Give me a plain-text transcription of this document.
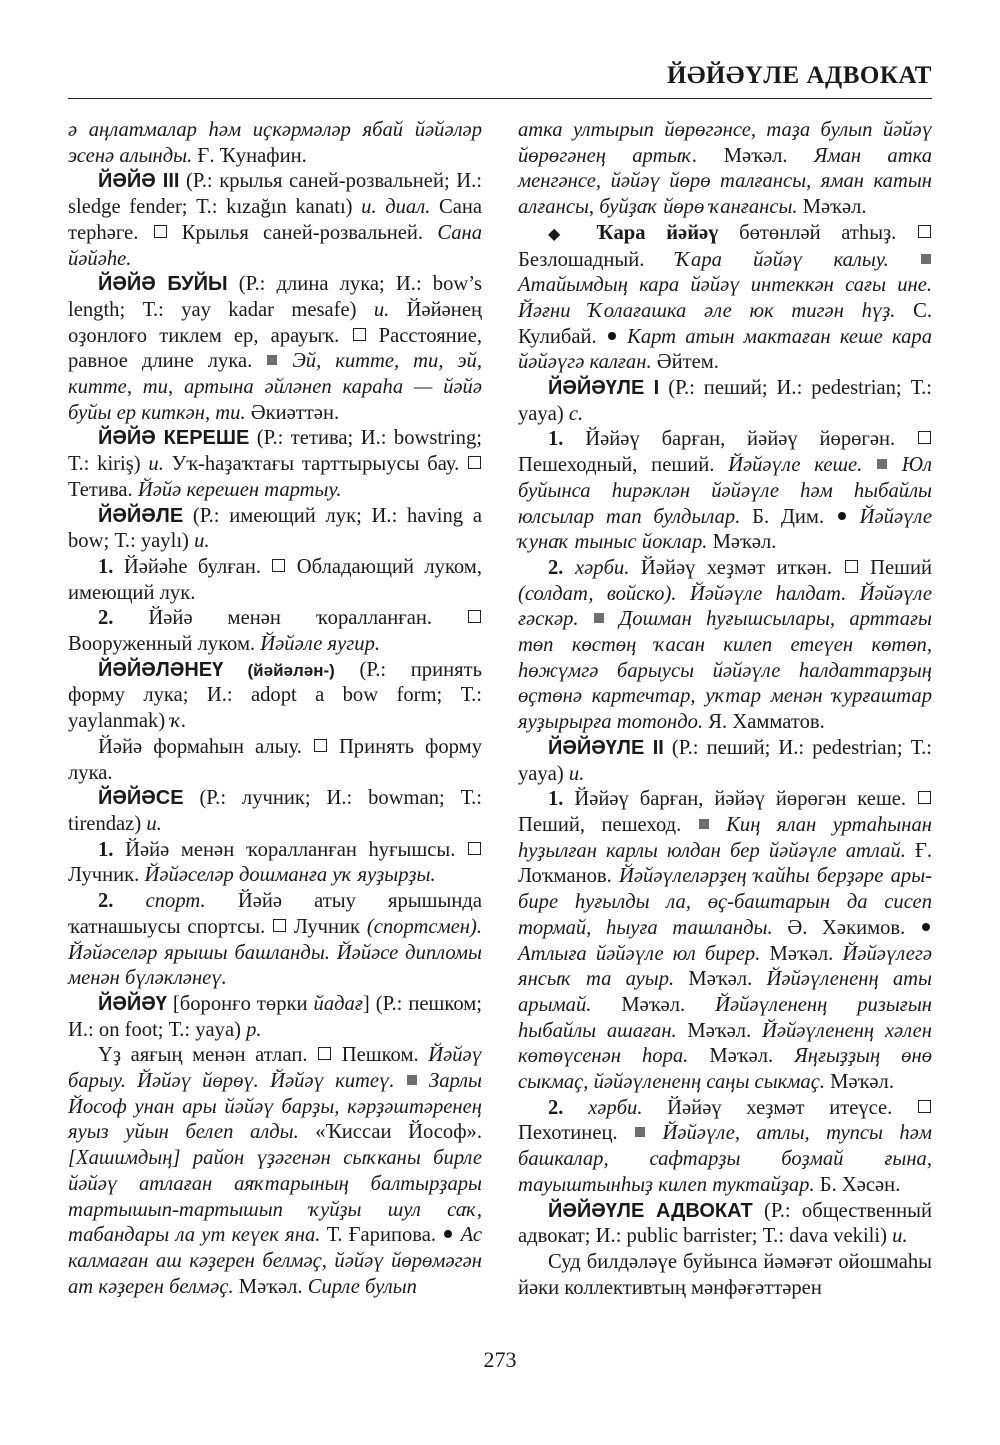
ЙӘЙӘҮЛЕ АДВОКАТ

ә аңлатмалар һәм иҫкәрмәләр ябай йәйәләр эсенә алынды. Ғ. Ҡунафин.

ЙӘЙӘ III (Р.: крылья саней-розвальней; И.: sledge fender; Т.: kızağın kanatı) и. диал. Сана терһәге.  Крылья саней-розвальней. Сана йәйәһе.

ЙӘЙӘ БУЙЫ (Р.: длина лука; И.: bow’s length; Т.: yay kadar mesafe) и. Йәйәнең оҙонлоғо тиклем ер, арауыҡ.  Расстояние, равное длине лука.  Эй, китте, ти, эй, китте, ти, артына әйләнеп караһа — йәйә буйы ер киткән, ти. Әкиәттән.

ЙӘЙӘ КЕРЕШЕ (Р.: тетива; И.: bowstring; Т.: kiriş) и. Уҡ-һаҙаҡтағы тарттырыусы бау.  Тетива. Йәйә керешен тартыу.

ЙӘЙӘЛЕ (Р.: имеющий лук; И.: having a bow; Т.: yaylı) и.

1. Йәйәһе булған.  Обладающий луком, имеющий лук.

2. Йәйә менән ҡоралланған.  Вооруженный луком. Йәйәле яугир.

ЙӘЙӘЛӘНЕҮ (йәйәлән-) (Р.: принять форму лука; И.: adopt a bow form; Т.: yaylanmak) ҡ.

Йәйә формаһын алыу.  Принять форму лука.

ЙӘЙӘСЕ (Р.: лучник; И.: bowman; Т.: tirendaz) и.

1. Йәйә менән ҡоралланған һуғышсы.  Лучник. Йәйәселәр дошманға уҡ яуҙырҙы.

2. спорт. Йәйә атыу ярышында ҡатнашыусы спортсы.  Лучник (спортсмен). Йәйәселәр ярышы башланды. Йәйәсе дипломы менән бүләкләнеү.

ЙӘЙӘҮ [боронғо төрки йадағ] (Р.: пешком; И.: on foot; Т.: yaya) р.

Үҙ аяғың менән атлап.  Пешком. Йәйәү барыу. Йәйәү йөрөү. Йәйәү китеү.  Зарлы Йософ унан ары йәйәү барҙы, кәрҙәштәренең яуыз уйын белеп алды. «Ҡиссаи Йософ». [Хашимдың] район үҙәгенән сыҡканы бирле йәйәү атлаған аяҡтарының балтырҙары тартышып-тартышып ҡуйҙы шул саҡ, табандары ла ут кеүек яна. Т. Ғарипова.  Ас калмаған аш кәҙерен белмәҫ, йәйәү йөрөмәгән ат кәҙерен белмәҫ. Мәҡәл. Сирле булып

атка ултырып йөрөгәнсе, таҙа булып йәйәү йөрөгәнең артыҡ. Мәҡәл. Яман атка менгәнсе, йәйәү йөрө талғансы, яман катын алғансы, буйҙаҡ йөрө ҡанғансы. Мәҡәл.

◆ Ҡара йәйәү бөтөнләй атһыҙ.  Безлошадный. Ҡара йәйәү калыу.  Атайымдың кара йәйәү интеккән сағы ине. Йәғни Ҡолағашка әле юк тигән һүҙ. С. Кулибай.  Карт атын мактаған кеше кара йәйәүгә калған. Әйтем.

ЙӘЙӘҮЛЕ I (Р.: пеший; И.: pedestrian; Т.: yaya) с.

1. Йәйәү барған, йәйәү йөрөгән.  Пешеходный, пеший. Йәйәүле кеше.  Юл буйынса һирәклән йәйәүле һәм һыбайлы юлсылар тап булдылар. Б. Дим.  Йәйәүле ҡунаҡ тыныс йоклар. Мәҡәл.

2. хәрби. Йәйәү хеҙмәт иткән.  Пеший (солдат, войско). Йәйәүле һалдат. Йәйәүле ғәскәр.  Дошман һуғышсылары, арттағы төп көстөң ҡасан килеп етеүен көтөп, һөжүмгә барыусы йәйәүле һалдаттарҙың өҫтөнә картечтар, уҡтар менән ҡурғаштар яуҙырырға тотондо. Я. Хамматов.

ЙӘЙӘҮЛЕ II (Р.: пеший; И.: pedestrian; Т.: yaya) и.

1. Йәйәү барған, йәйәү йөрөгән кеше.  Пеший, пешеход.  Киң ялан уртаһынан һуҙылған карлы юлдан бер йәйәүле атлай. Ғ. Лоҡманов. Йәйәүлеләрҙең ҡайһы берҙәре ары-бире һуғылды ла, өҫ-баштарын да сисеп тормай, һыуға ташланды. Ә. Хәкимов.  Атлыға йәйәүле юл бирер. Мәҡәл. Йәйәүлегә янсыҡ та ауыр. Мәҡәл. Йәйәүлененң аты арымай. Мәҡәл. Йәйәүлененң ризығын һыбайлы ашаған. Мәҡәл. Йәйәүлененң хәлен көтөүсенән һора. Мәҡәл. Яңғыҙҙың өнө сыкмаҫ, йәйәүлененң саңы сыкмаҫ. Мәҡәл.

2. хәрби. Йәйәү хеҙмәт итеүсе.  Пехотинец.  Йәйәүле, атлы, тупсы һәм башкалар, сафтарҙы боҙмай ғына, тауыштынһыҙ килеп туктайҙар. Б. Хәсән.

ЙӘЙӘҮЛЕ АДВОКАТ (Р.: общественный адвокат; И.: public barrister; Т.: dava vekili) и.

Суд билдәләүе буйынса йәмәғәт ойошмаһы йәки коллективтың мәнфәғәттәрен

273
